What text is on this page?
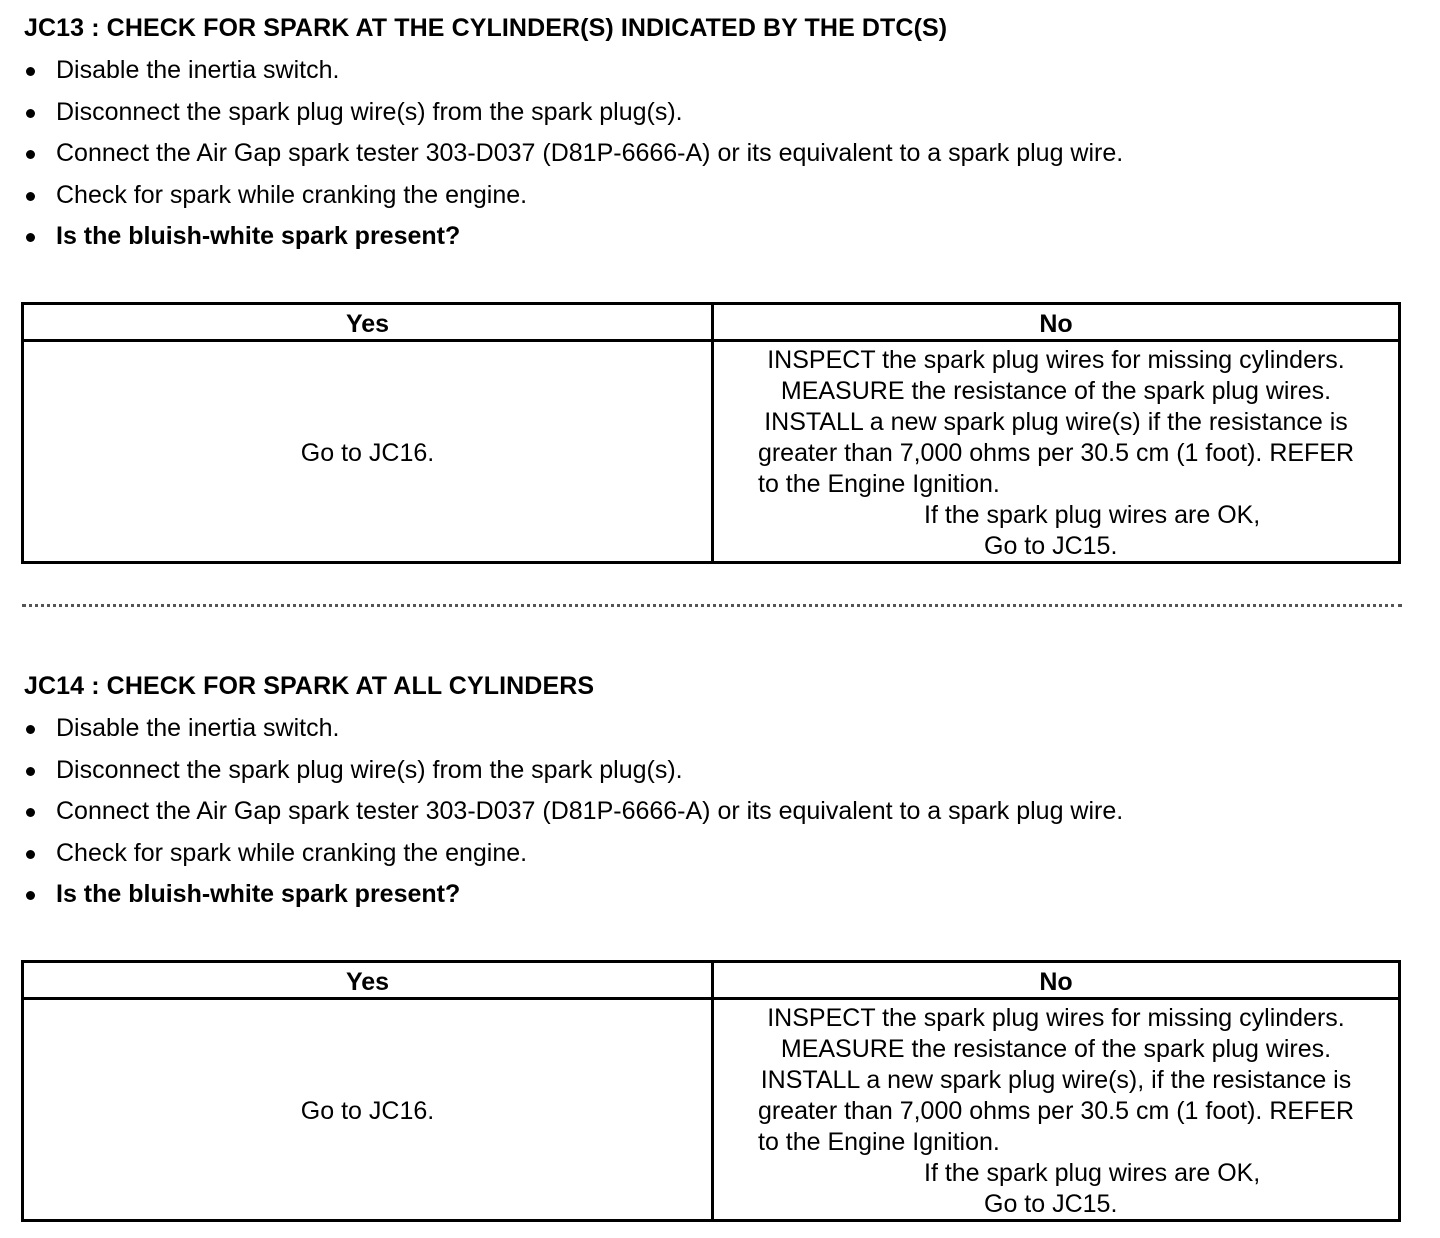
JC13 : CHECK FOR SPARK AT THE CYLINDER(S) INDICATED BY THE DTC(S)
Disable the inertia switch.
Disconnect the spark plug wire(s) from the spark plug(s).
Connect the Air Gap spark tester 303-D037 (D81P-6666-A) or its equivalent to a spark plug wire.
Check for spark while cranking the engine.
Is the bluish-white spark present?
Yes	No
Go to JC16.
INSPECT the spark plug wires for missing cylinders.
MEASURE the resistance of the spark plug wires.
INSTALL a new spark plug wire(s) if the resistance is
greater than 7,000 ohms per 30.5 cm (1 foot). REFER
to the Engine Ignition.
If the spark plug wires are OK,
Go to JC15.
JC14 : CHECK FOR SPARK AT ALL CYLINDERS
Disable the inertia switch.
Disconnect the spark plug wire(s) from the spark plug(s).
Connect the Air Gap spark tester 303-D037 (D81P-6666-A) or its equivalent to a spark plug wire.
Check for spark while cranking the engine.
Is the bluish-white spark present?
Yes	No
Go to JC16.
INSPECT the spark plug wires for missing cylinders.
MEASURE the resistance of the spark plug wires.
INSTALL a new spark plug wire(s), if the resistance is
greater than 7,000 ohms per 30.5 cm (1 foot). REFER
to the Engine Ignition.
If the spark plug wires are OK,
Go to JC15.
